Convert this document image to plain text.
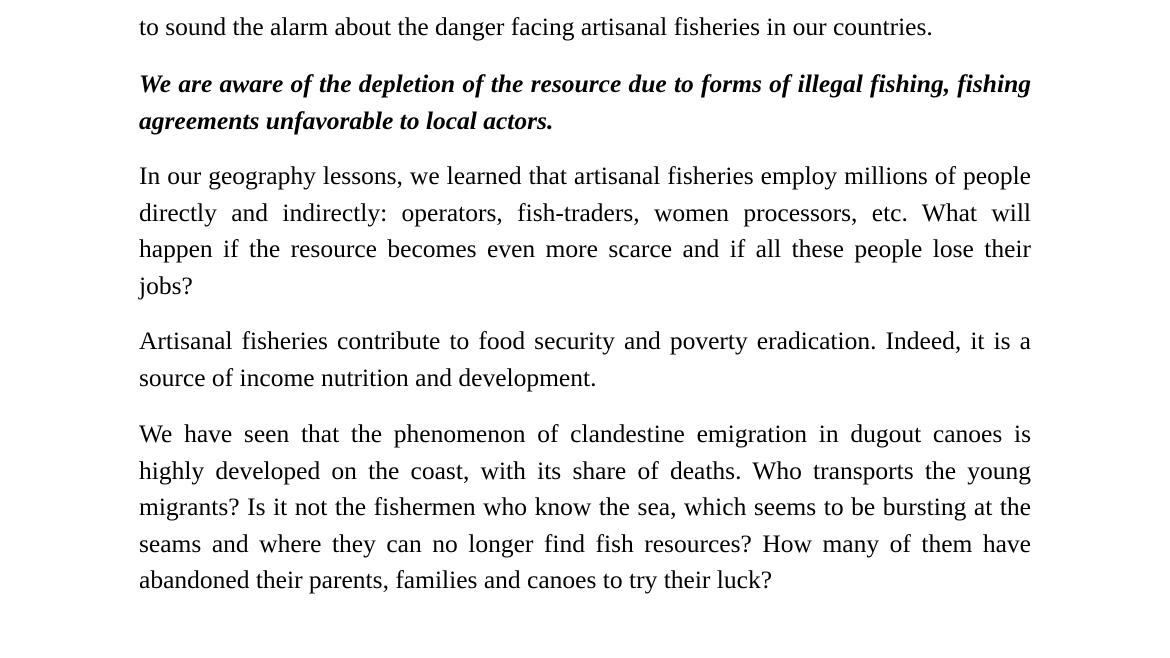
to sound the alarm about the danger facing artisanal fisheries in our countries.

We are aware of the depletion of the resource due to forms of illegal fishing, fishing agreements unfavorable to local actors.

In our geography lessons, we learned that artisanal fisheries employ millions of people directly and indirectly: operators, fish-traders, women processors, etc. What will happen if the resource becomes even more scarce and if all these people lose their jobs?

Artisanal fisheries contribute to food security and poverty eradication. Indeed, it is a source of income nutrition and development.

We have seen that the phenomenon of clandestine emigration in dugout canoes is highly developed on the coast, with its share of deaths. Who transports the young migrants? Is it not the fishermen who know the sea, which seems to be bursting at the seams and where they can no longer find fish resources? How many of them have abandoned their parents, families and canoes to try their luck?
